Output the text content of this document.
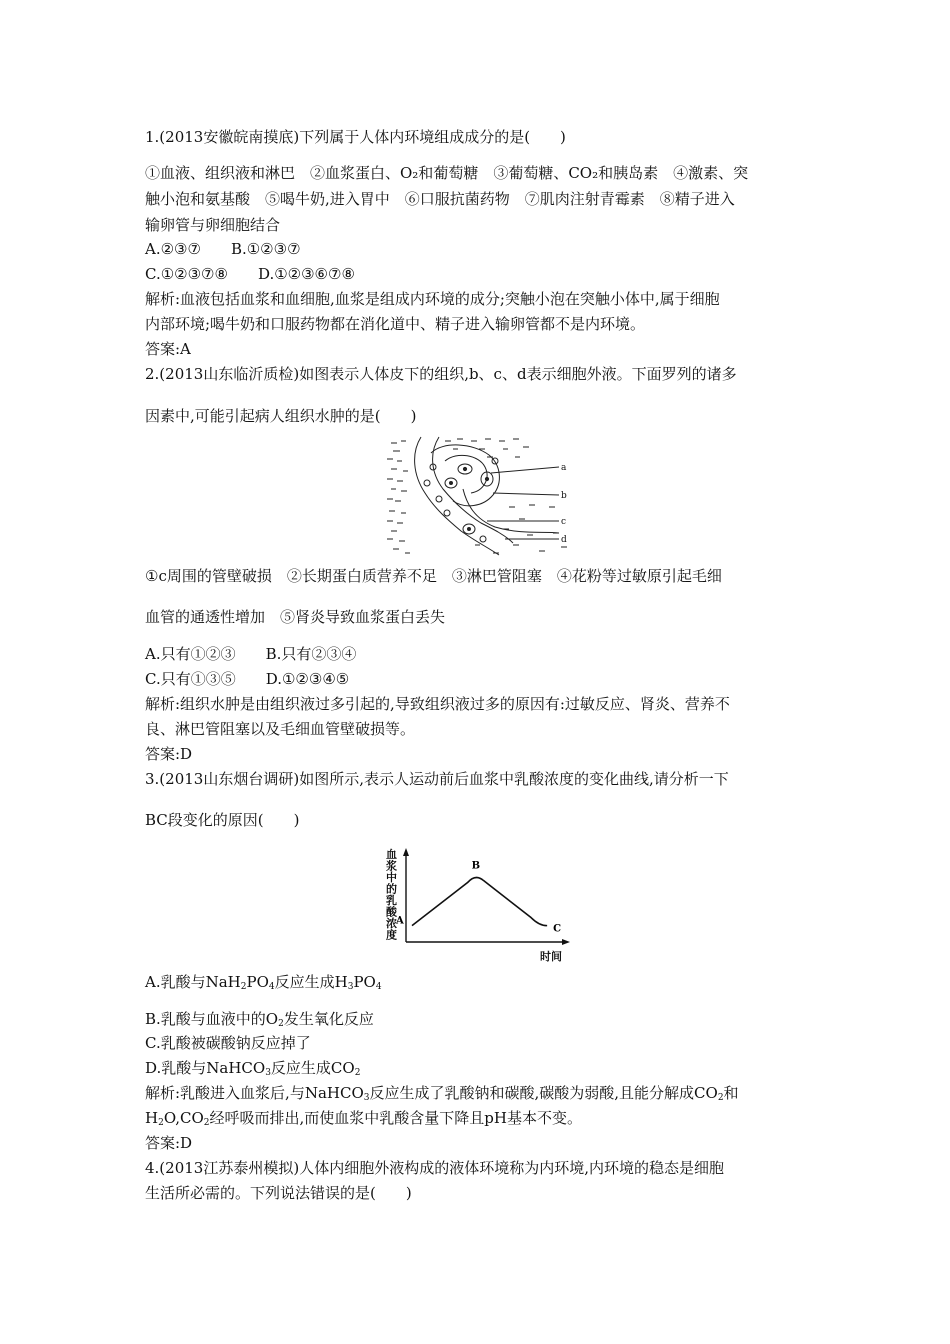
1.(2013安徽皖南摸底)下列属于人体内环境组成成分的是(　　)
①血液、组织液和淋巴　②血浆蛋白、O₂和葡萄糖　③葡萄糖、CO₂和胰岛素　④激素、突
触小泡和氨基酸　⑤喝牛奶,进入胃中　⑥口服抗菌药物　⑦肌肉注射青霉素　⑧精子进入
输卵管与卵细胞结合
A.②③⑦　　B.①②③⑦
C.①②③⑦⑧　　D.①②③⑥⑦⑧
解析:血液包括血浆和血细胞,血浆是组成内环境的成分;突触小泡在突触小体中,属于细胞
内部环境;喝牛奶和口服药物都在消化道中、精子进入输卵管都不是内环境。
答案:A
2.(2013山东临沂质检)如图表示人体皮下的组织,b、c、d表示细胞外液。下面罗列的诸多
因素中,可能引起病人组织水肿的是(　　)
a
b
c
d
①c周围的管壁破损　②长期蛋白质营养不足　③淋巴管阻塞　④花粉等过敏原引起毛细
血管的通透性增加　⑤肾炎导致血浆蛋白丢失
A.只有①②③　　B.只有②③④
C.只有①③⑤　　D.①②③④⑤
解析:组织水肿是由组织液过多引起的,导致组织液过多的原因有:过敏反应、肾炎、营养不
良、淋巴管阻塞以及毛细血管壁破损等。
答案:D
3.(2013山东烟台调研)如图所示,表示人运动前后血浆中乳酸浓度的变化曲线,请分析一下
BC段变化的原因(　　)
血浆中的乳酸浓度
时间
A
B
C
A.乳酸与$NaH_2PO_4$反应生成$H_3PO_4$
B.乳酸与血液中的$O_2$发生氧化反应
C.乳酸被碳酸钠反应掉了
D.乳酸与NaHCO$_3$反应生成$CO_2$
解析:乳酸进入血浆后,与NaHCO$_3$反应生成了乳酸钠和碳酸,碳酸为弱酸,且能分解成$CO_2$和
$H_2O,CO_2$经呼吸而排出,而使血浆中乳酸含量下降且pH基本不变。
答案:D
4.(2013江苏泰州模拟)人体内细胞外液构成的液体环境称为内环境,内环境的稳态是细胞
生活所必需的。下列说法错误的是(　　)
